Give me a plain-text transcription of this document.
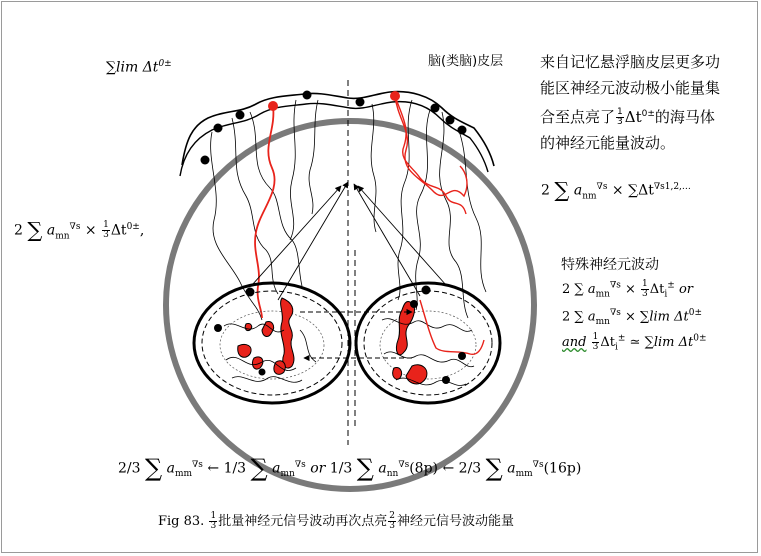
∑lim $\Delta t^{0\pm}$	脑(类脑)皮层 来自记忆悬浮脑皮层更多功
能区神经元波动极小能量集
合至点亮了 $\frac{1}{3} \Delta t^{0\pm}$的海马体
的神经元能量波动。
2 ∑ $a_{nm}^{\nabla s} \times \sum\Delta t^{\nabla s1,2,\dots}$
2 ∑ $a_{mn}^{\nabla s} \times \frac{1}{3} \Delta t^{0\pm}$,
特殊神经元波动
2 ∑ $a_{mn}^{\nabla s} \times \frac{1}{3} \Delta t_i^\pm$ or
2 ∑ $a_{mn}^{\nabla s} \times \sum\lim$ $\Delta t^{0\pm}$
and $\frac{1}{3} \Delta t_i^\pm$ ≃ ∑lim $\Delta t^{0\pm}$
2/3 ∑ $a_{mm}^{\nabla s}$ ← 1/3 ∑ $a_{mn}^{\nabla s}$ or 1/3 ∑ $a_{nn}^{\nabla s}(8p)$ ← 2/3 ∑ $a_{mm}^{\nabla s}(16p)$
Fig 83. $\frac{1}{3}$ 批量神经元信号波动再次点亮 $\frac{2}{3}$ 神经元信号波动能量
